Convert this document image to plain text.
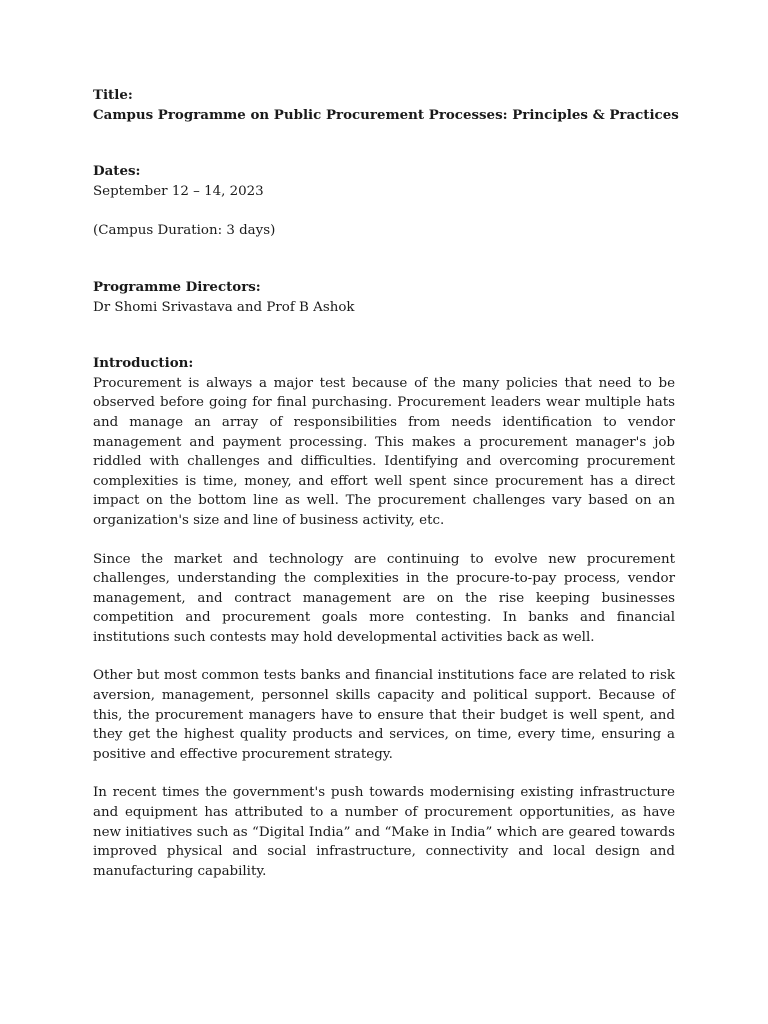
Title:
Campus Programme on Public Procurement Processes: Principles & Practices
Dates:
September 12 – 14, 2023
(Campus Duration: 3 days)
Programme Directors:
Dr Shomi Srivastava and Prof B Ashok
Introduction:

Procurement is always a major test because of the many policies that need to be observed before going for final purchasing. Procurement leaders wear multiple hats and manage an array of responsibilities from needs identification to vendor management and payment processing. This makes a procurement manager's job riddled with challenges and difficulties. Identifying and overcoming procurement complexities is time, money, and effort well spent since procurement has a direct impact on the bottom line as well. The procurement challenges vary based on an organization's size and line of business activity, etc.

Since the market and technology are continuing to evolve new procurement challenges, understanding the complexities in the procure-to-pay process, vendor management, and contract management are on the rise keeping businesses competition and procurement goals more contesting. In banks and financial institutions such contests may hold developmental activities back as well.

Other but most common tests banks and financial institutions face are related to risk aversion, management, personnel skills capacity and political support. Because of this, the procurement managers have to ensure that their budget is well spent, and they get the highest quality products and services, on time, every time, ensuring a positive and effective procurement strategy.

In recent times the government's push towards modernising existing infrastructure and equipment has attributed to a number of procurement opportunities, as have new initiatives such as “Digital India” and “Make in India” which are geared towards improved physical and social infrastructure, connectivity and local design and manufacturing capability.
